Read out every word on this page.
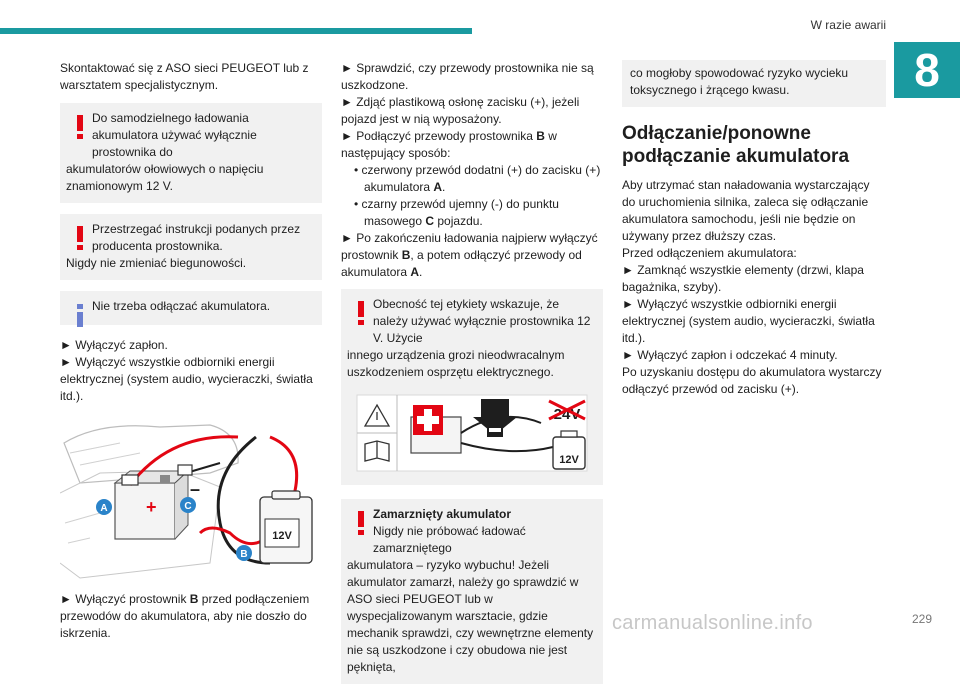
W razie awarii
8

Skontaktować się z ASO sieci PEUGEOT lub z warsztatem specjalistycznym.

Do samodzielnego ładowania akumulatora używać wyłącznie prostownika do

akumulatorów ołowiowych o napięciu znamionowym 12 V.

Przestrzegać instrukcji podanych przez producenta prostownika.

Nigdy nie zmieniać biegunowości.

Nie trzeba odłączać akumulatora.

► Wyłączyć zapłon.

► Wyłączyć wszystkie odbiorniki energii elektrycznej (system audio, wycieraczki, światła itd.).

+
–
A	C
B
12V

► Wyłączyć prostownik B przed podłączeniem przewodów do akumulatora, aby nie doszło do iskrzenia.

► Sprawdzić, czy przewody prostownika nie są uszkodzone.

► Zdjąć plastikową osłonę zacisku (+), jeżeli pojazd jest w nią wyposażony.

► Podłączyć przewody prostownika B w następujący sposób:

• czerwony przewód dodatni (+) do zacisku (+) akumulatora A.

• czarny przewód ujemny (-) do punktu masowego C pojazdu.

► Po zakończeniu ładowania najpierw wyłączyć prostownik B, a potem odłączyć przewody od akumulatora A.

Obecność tej etykiety wskazuje, że należy używać wyłącznie prostownika 12 V. Użycie

innego urządzenia grozi nieodwracalnym uszkodzeniem osprzętu elektrycznego.

24V
12V

Zamarznięty akumulator

Nigdy nie próbować ładować zamarzniętego

akumulatora – ryzyko wybuchu! Jeżeli akumulator zamarzł, należy go sprawdzić w ASO sieci PEUGEOT lub w wyspecjalizowanym warsztacie, gdzie mechanik sprawdzi, czy wewnętrzne elementy nie są uszkodzone i czy obudowa nie jest pęknięta,

co mogłoby spowodować ryzyko wycieku toksycznego i żrącego kwasu.

Odłączanie/ponowne podłączanie akumulatora

Aby utrzymać stan naładowania wystarczający do uruchomienia silnika, zaleca się odłączanie akumulatora samochodu, jeśli nie będzie on używany przez dłuższy czas.

Przed odłączeniem akumulatora:

► Zamknąć wszystkie elementy (drzwi, klapa bagażnika, szyby).

► Wyłączyć wszystkie odbiorniki energii elektrycznej (system audio, wycieraczki, światła itd.).

► Wyłączyć zapłon i odczekać 4 minuty.

Po uzyskaniu dostępu do akumulatora wystarczy odłączyć przewód od zacisku (+).

carmanualsonline.info	229
